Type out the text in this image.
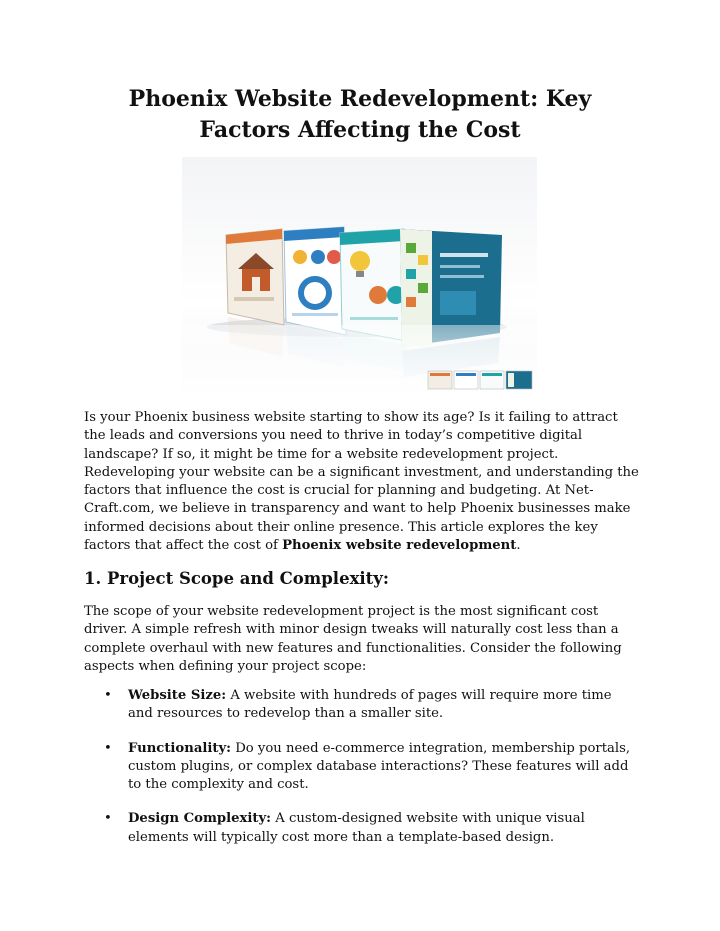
Phoenix Website Redevelopment: Key
Factors Affecting the Cost

Is your Phoenix business website starting to show its age? Is it failing to attract the leads and conversions you need to thrive in today’s competitive digital landscape? If so, it might be time for a website redevelopment project. Redeveloping your website can be a significant investment, and understanding the factors that influence the cost is crucial for planning and budgeting. At Net-Craft.com, we believe in transparency and want to help Phoenix businesses make informed decisions about their online presence. This article explores the key factors that affect the cost of Phoenix website redevelopment.

1. Project Scope and Complexity:

The scope of your website redevelopment project is the most significant cost driver. A simple refresh with minor design tweaks will naturally cost less than a complete overhaul with new features and functionalities. Consider the following aspects when defining your project scope:

• Website Size: A website with hundreds of pages will require more time and resources to redevelop than a smaller site.
• Functionality: Do you need e-commerce integration, membership portals, custom plugins, or complex database interactions? These features will add to the complexity and cost.
• Design Complexity: A custom-designed website with unique visual elements will typically cost more than a template-based design.
